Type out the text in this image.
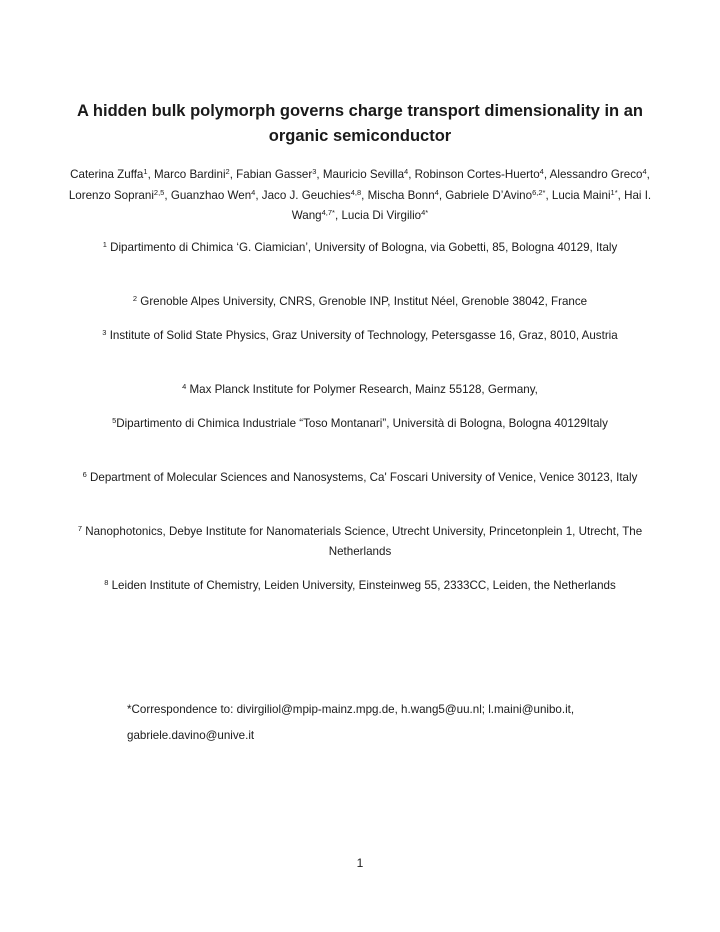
A hidden bulk polymorph governs charge transport dimensionality in an organic semiconductor
Caterina Zuffa$^1$, Marco Bardini$^2$, Fabian Gasser$^3$, Mauricio Sevilla$^4$, Robinson Cortes-Huerto$^4$, Alessandro Greco$^4$, Lorenzo Soprani$^{2,5}$, Guanzhao Wen$^4$, Jaco J. Geuchies$^{4,8}$, Mischa Bonn$^4$, Gabriele D’Avino$^{6,2*}$, Lucia Maini$^{1*}$, Hai I. Wang$^{4,7*}$, Lucia Di Virgilio$^{4*}$
$^1$ Dipartimento di Chimica ‘G. Ciamician’, University of Bologna, via Gobetti, 85, Bologna 40129, Italy
$^2$ Grenoble Alpes University, CNRS, Grenoble INP, Institut Néel, Grenoble 38042, France
$^3$ Institute of Solid State Physics, Graz University of Technology, Petersgasse 16, Graz, 8010, Austria
$^4$ Max Planck Institute for Polymer Research, Mainz 55128, Germany,
$^5$Dipartimento di Chimica Industriale “Toso Montanari”, Università di Bologna, Bologna 40129Italy
$^6$ Department of Molecular Sciences and Nanosystems, Ca' Foscari University of Venice, Venice 30123, Italy
$^7$ Nanophotonics, Debye Institute for Nanomaterials Science, Utrecht University, Princetonplein 1, Utrecht, The Netherlands
$^8$ Leiden Institute of Chemistry, Leiden University, Einsteinweg 55, 2333CC, Leiden, the Netherlands
*Correspondence to: divirgiliol@mpip-mainz.mpg.de, h.wang5@uu.nl; l.maini@unibo.it, gabriele.davino@unive.it
1
